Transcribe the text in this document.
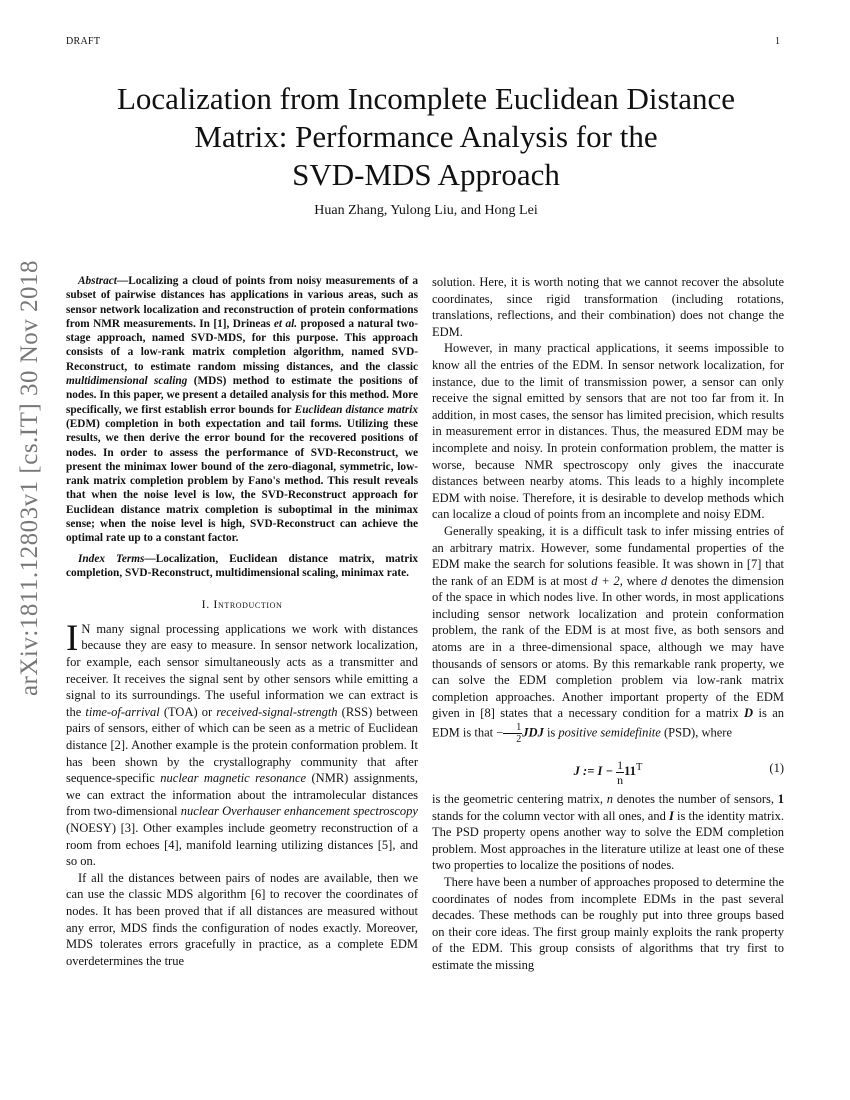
DRAFT	1
arXiv:1811.12803v1 [cs.IT] 30 Nov 2018
Localization from Incomplete Euclidean Distance
Matrix: Performance Analysis for the
SVD-MDS Approach
Huan Zhang, Yulong Liu, and Hong Lei

Abstract—Localizing a cloud of points from noisy measurements of a subset of pairwise distances has applications in various areas, such as sensor network localization and reconstruction of protein conformations from NMR measurements. In [1], Drineas et al. proposed a natural two-stage approach, named SVD-MDS, for this purpose. This approach consists of a low-rank matrix completion algorithm, named SVD-Reconstruct, to estimate random missing distances, and the classic multidimensional scaling (MDS) method to estimate the positions of nodes. In this paper, we present a detailed analysis for this method. More specifically, we first establish error bounds for Euclidean distance matrix (EDM) completion in both expectation and tail forms. Utilizing these results, we then derive the error bound for the recovered positions of nodes. In order to assess the performance of SVD-Reconstruct, we present the minimax lower bound of the zero-diagonal, symmetric, low-rank matrix completion problem by Fano's method. This result reveals that when the noise level is low, the SVD-Reconstruct approach for Euclidean distance matrix completion is suboptimal in the minimax sense; when the noise level is high, SVD-Reconstruct can achieve the optimal rate up to a constant factor.

Index Terms—Localization, Euclidean distance matrix, matrix completion, SVD-Reconstruct, multidimensional scaling, minimax rate.

I. Introduction

I N many signal processing applications we work with distances because they are easy to measure. In sensor network localization, for example, each sensor simultaneously acts as a transmitter and receiver. It receives the signal sent by other sensors while emitting a signal to its surroundings. The useful information we can extract is the time-of-arrival (TOA) or received-signal-strength (RSS) between pairs of sensors, either of which can be seen as a metric of Euclidean distance [2]. Another example is the protein conformation problem. It has been shown by the crystallography community that after sequence-specific nuclear magnetic resonance (NMR) assignments, we can extract the information about the intramolecular distances from two-dimensional nuclear Overhauser enhancement spectroscopy (NOESY) [3]. Other examples include geometry reconstruction of a room from echoes [4], manifold learning utilizing distances [5], and so on.

If all the distances between pairs of nodes are available, then we can use the classic MDS algorithm [6] to recover the coordinates of nodes. It has been proved that if all distances are measured without any error, MDS finds the configuration of nodes exactly. Moreover, MDS tolerates errors gracefully in practice, as a complete EDM overdetermines the true

solution. Here, it is worth noting that we cannot recover the absolute coordinates, since rigid transformation (including rotations, translations, reflections, and their combination) does not change the EDM.

However, in many practical applications, it seems impossible to know all the entries of the EDM. In sensor network localization, for instance, due to the limit of transmission power, a sensor can only receive the signal emitted by sensors that are not too far from it. In addition, in most cases, the sensor has limited precision, which results in measurement error in distances. Thus, the measured EDM may be incomplete and noisy. In protein conformation problem, the matter is worse, because NMR spectroscopy only gives the inaccurate distances between nearby atoms. This leads to a highly incomplete EDM with noise. Therefore, it is desirable to develop methods which can localize a cloud of points from an incomplete and noisy EDM.

Generally speaking, it is a difficult task to infer missing entries of an arbitrary matrix. However, some fundamental properties of the EDM make the search for solutions feasible. It was shown in [7] that the rank of an EDM is at most d + 2, where d denotes the dimension of the space in which nodes live. In other words, in most applications including sensor network localization and protein conformation problem, the rank of the EDM is at most five, as both sensors and atoms are in a three-dimensional space, although we may have thousands of sensors or atoms. By this remarkable rank property, we can solve the EDM completion problem via low-rank matrix completion approaches. Another important property of the EDM given in [8] states that a necessary condition for a matrix D is an EDM is that − $\frac{1}{2}$ JDJ is positive semidefinite (PSD), where

J := $I - \frac{1}{n} 11^T$	(1)

is the geometric centering matrix, n denotes the number of sensors, 1 stands for the column vector with all ones, and I is the identity matrix. The PSD property opens another way to solve the EDM completion problem. Most approaches in the literature utilize at least one of these two properties to localize the positions of nodes.

There have been a number of approaches proposed to determine the coordinates of nodes from incomplete EDMs in the past several decades. These methods can be roughly put into three groups based on their core ideas. The first group mainly exploits the rank property of the EDM. This group consists of algorithms that try first to estimate the missing
